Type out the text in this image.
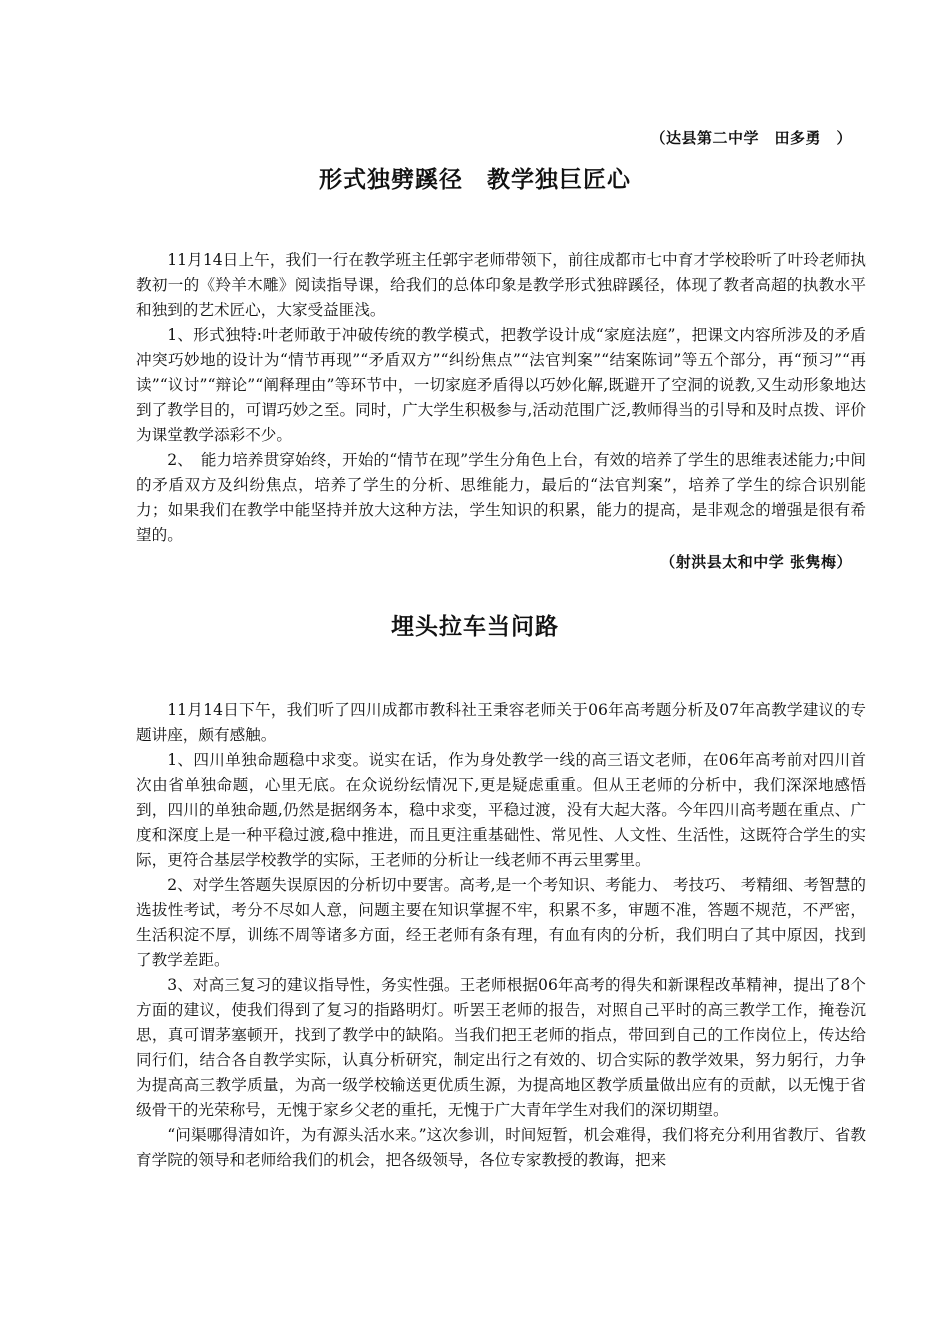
（达县第二中学　田多勇　）
形式独劈蹊径　教学独巨匠心

11月14日上午，我们一行在教学班主任郭宇老师带领下，前往成都市七中育才学校聆听了叶玲老师执教初一的《羚羊木雕》阅读指导课，给我们的总体印象是教学形式独辟蹊径，体现了教者高超的执教水平和独到的艺术匠心，大家受益匪浅。

1、形式独特:叶老师敢于冲破传统的教学模式，把教学设计成“家庭法庭”，把课文内容所涉及的矛盾冲突巧妙地的设计为“情节再现”“矛盾双方”“纠纷焦点”“法官判案”“结案陈词”等五个部分，再“预习”“再读”“议讨”“辩论”“阐释理由”等环节中，一切家庭矛盾得以巧妙化解,既避开了空洞的说教,又生动形象地达到了教学目的，可谓巧妙之至。同时，广大学生积极参与,活动范围广泛,教师得当的引导和及时点拨、评价为课堂教学添彩不少。

2、　能力培养贯穿始终，开始的“情节在现”学生分角色上台，有效的培养了学生的思维表述能力;中间的矛盾双方及纠纷焦点，培养了学生的分析、思维能力，最后的“法官判案”，培养了学生的综合识别能力；如果我们在教学中能坚持并放大这种方法，学生知识的积累，能力的提高，是非观念的增强是很有希望的。

（射洪县太和中学 张隽梅）
埋头拉车当问路

11月14日下午，我们听了四川成都市教科社王秉容老师关于06年高考题分析及07年高教学建议的专题讲座，颇有感触。

1、四川单独命题稳中求变。说实在话，作为身处教学一线的高三语文老师，在06年高考前对四川首次由省单独命题，心里无底。在众说纷纭情况下,更是疑虑重重。但从王老师的分析中，我们深深地感悟到，四川的单独命题,仍然是据纲务本，稳中求变，平稳过渡，没有大起大落。今年四川高考题在重点、广度和深度上是一种平稳过渡,稳中推进，而且更注重基础性、常见性、人文性、生活性，这既符合学生的实际，更符合基层学校教学的实际，王老师的分析让一线老师不再云里雾里。

2、对学生答题失误原因的分析切中要害。高考,是一个考知识、考能力、 考技巧、 考精细、考智慧的选拔性考试，考分不尽如人意，问题主要在知识掌握不牢，积累不多，审题不准，答题不规范，不严密，生活积淀不厚，训练不周等诸多方面，经王老师有条有理，有血有肉的分析，我们明白了其中原因，找到了教学差距。

3、对高三复习的建议指导性，务实性强。王老师根据06年高考的得失和新课程改革精神，提出了8个方面的建议，使我们得到了复习的指路明灯。听罢王老师的报告，对照自己平时的高三教学工作，掩卷沉思，真可谓茅塞顿开，找到了教学中的缺陷。当我们把王老师的指点，带回到自己的工作岗位上，传达给同行们，结合各自教学实际，认真分析研究，制定出行之有效的、切合实际的教学效果，努力躬行，力争为提高高三教学质量，为高一级学校输送更优质生源，为提高地区教学质量做出应有的贡献，以无愧于省级骨干的光荣称号，无愧于家乡父老的重托，无愧于广大青年学生对我们的深切期望。

“问渠哪得清如许，为有源头活水来。”这次参训，时间短暂，机会难得，我们将充分利用省教厅、省教育学院的领导和老师给我们的机会，把各级领导，各位专家教授的教诲，把来
